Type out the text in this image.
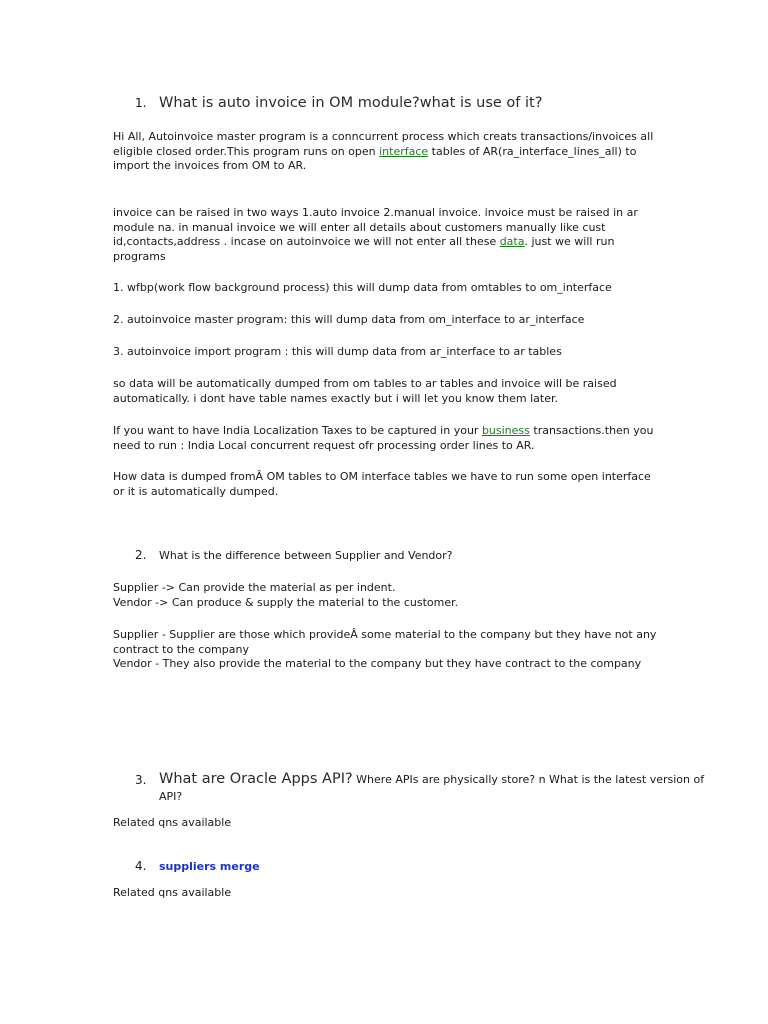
1. What is auto invoice in OM module?what is use of it?

Hi All, Autoinvoice master program is a conncurrent process which creats transactions/invoices all eligible closed order.This program runs on open interface tables of AR(ra_interface_lines_all) to import the invoices from OM to AR.

invoice can be raised in two ways 1.auto invoice 2.manual invoice. invoice must be raised in ar module na. in manual invoice we will enter all details about customers manually like cust id,contacts,address . incase on autoinvoice we will not enter all these data. just we will run programs

1. wfbp(work flow background process) this will dump data from omtables to om_interface

2. autoinvoice master program: this will dump data from om_interface to ar_interface

3. autoinvoice import program : this will dump data from ar_interface to ar tables

so data will be automatically dumped from om tables to ar tables and invoice will be raised automatically. i dont have table names exactly but i will let you know them later.

If you want to have India Localization Taxes to be captured in your business transactions.then you need to run : India Local concurrent request ofr processing order lines to AR.

How data is dumped fromÂ OM tables to OM interface tables we have to run some open interface or it is automatically dumped.

2.	What is the difference between Supplier and Vendor?
Supplier -> Can provide the material as per indent.
Vendor -> Can produce & supply the material to the customer.
Supplier - Supplier are those which provideÂ some material to the company but they have not any contract to the company
Vendor - They also provide the material to the company but they have contract to the company
3. What are Oracle Apps API? Where APIs are physically store? n What is the latest version of API?

Related qns available

4.	suppliers merge

Related qns available
